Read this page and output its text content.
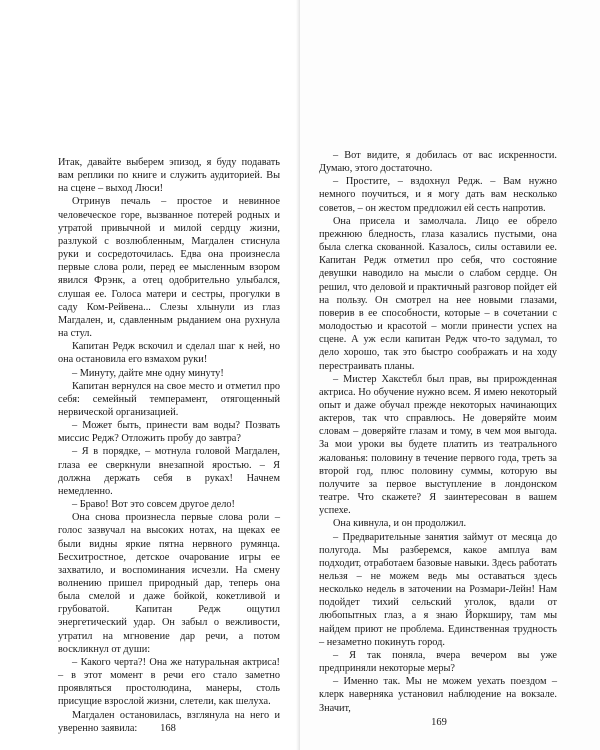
Итак, давайте выберем эпизод, я буду подавать вам реплики по книге и служить аудиторией. Вы на сцене – выход Люси!

Отринув печаль – простое и невинное человеческое горе, вызванное потерей родных и утратой привычной и милой сердцу жизни, разлукой с возлюбленным, Магдален стиснула руки и сосредоточилась. Едва она произнесла первые слова роли, перед ее мысленным взором явился Фрэнк, а отец одобрительно улыбался, слушая ее. Голоса матери и сестры, прогулки в саду Ком-Рейвена... Слезы хлынули из глаз Магдален, и, сдавленным рыданием она рухнула на стул.

Капитан Редж вскочил и сделал шаг к ней, но она остановила его взмахом руки!

– Минуту, дайте мне одну минуту!

Капитан вернулся на свое место и отметил про себя: семейный темперамент, отягощенный нервической организацией.

– Может быть, принести вам воды? Позвать миссис Редж? Отложить пробу до завтра?

– Я в порядке, – мотнула головой Магдален, глаза ее сверкнули внезапной яростью. – Я должна держать себя в руках! Начнем немедленно.

– Браво! Вот это совсем другое дело!

Она снова произнесла первые слова роли – голос зазвучал на высоких нотах, на щеках ее были видны яркие пятна нервного румянца. Бесхитростное, детское очарование игры ее захватило, и воспоминания исчезли. На смену волнению пришел природный дар, теперь она была смелой и даже бойкой, кокетливой и грубоватой. Капитан Редж ощутил энергетический удар. Он забыл о вежливости, утратил на мгновение дар речи, а потом воскликнул от души:

– Какого черта?! Она же натуральная актриса! – в этот момент в речи его стало заметно проявляться простолюдина, манеры, столь присущие взрослой жизни, слетели, как шелуха.

Магдален остановилась, взглянула на него и уверенно заявила:	168

– Вот видите, я добилась от вас искренности. Думаю, этого достаточно.

– Простите, – вздохнул Редж. – Вам нужно немного поучиться, и я могу дать вам несколько советов, – он жестом предложил ей сесть напротив.

Она присела и замолчала. Лицо ее обрело прежнюю бледность, глаза казались пустыми, она была слегка скованной. Казалось, силы оставили ее. Капитан Редж отметил про себя, что состояние девушки наводило на мысли о слабом сердце. Он решил, что деловой и практичный разговор пойдет ей на пользу. Он смотрел на нее новыми глазами, поверив в ее способности, которые – в сочетании с молодостью и красотой – могли принести успех на сцене. А уж если капитан Редж что-то задумал, то дело хорошо, так это быстро соображать и на ходу перестраивать планы.

– Мистер Хакстебл был прав, вы прирожденная актриса. Но обучение нужно всем. Я имею некоторый опыт и даже обучал прежде некоторых начинающих актеров, так что справлюсь. Не доверяйте моим словам – доверяйте глазам и тому, в чем моя выгода. За мои уроки вы будете платить из театрального жалованья: половину в течение первого года, треть за второй год, плюс половину суммы, которую вы получите за первое выступление в лондонском театре. Что скажете? Я заинтересован в вашем успехе.

Она кивнула, и он продолжил.

– Предварительные занятия займут от месяца до полугода. Мы разберемся, какое амплуа вам подходит, отработаем базовые навыки. Здесь работать нельзя – не можем ведь мы оставаться здесь несколько недель в заточении на Розмари-Лейн! Нам подойдет тихий сельский уголок, вдали от любопытных глаз, а я знаю Йоркширу, там мы найдем приют не проблема. Единственная трудность – незаметно покинуть город.

– Я так поняла, вчера вечером вы уже предприняли некоторые меры?

– Именно так. Мы не можем уехать поездом – клерк наверняка установил наблюдение на вокзале. Значит,

169
